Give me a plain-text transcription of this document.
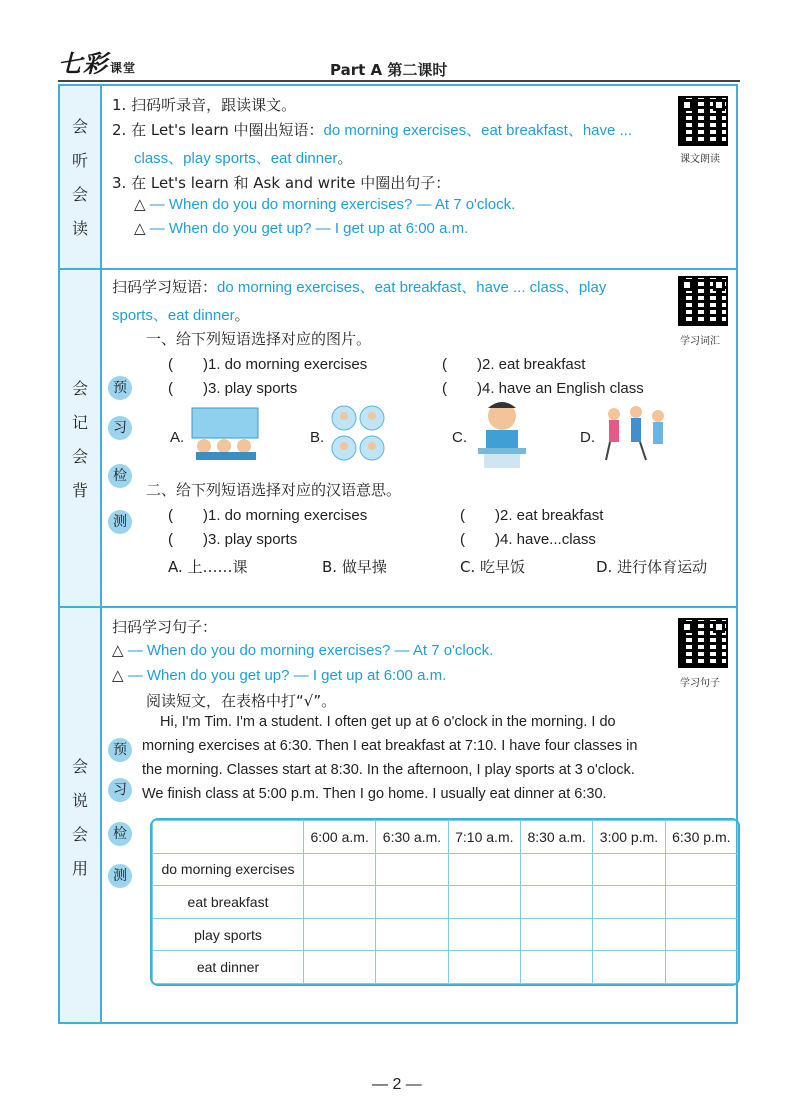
七彩 课堂	Part A 第二课时
会
听
会
读
1. 扫码听录音，跟读课文。
2. 在 Let's learn 中圈出短语：do morning exercises、eat breakfast、have ...
class、play sports、eat dinner。
3. 在 Let's learn 和 Ask and write 中圈出句子：
△ — When do you do morning exercises? — At 7 o'clock.
△ — When do you get up? — I get up at 6:00 a.m.
课文朗读
会
记
会
背
预
习
检
测
扫码学习短语：do morning exercises、eat breakfast、have ... class、play
sports、eat dinner。
学习词汇
一、给下列短语选择对应的图片。
(　　)1. do morning exercises	(　　)2. eat breakfast
(　　)3. play sports	(　　)4. have an English class
A.	B.	C.	D.
二、给下列短语选择对应的汉语意思。
(　　)1. do morning exercises	(　　)2. eat breakfast
(　　)3. play sports	(　　)4. have...class
A. 上……课	B. 做早操	C. 吃早饭	D. 进行体育运动
会
说
会
用
预
习
检
测
扫码学习句子：
△ — When do you do morning exercises? — At 7 o'clock.
△ — When do you get up? — I get up at 6:00 a.m.	学习句子
阅读短文，在表格中打“√”。
Hi, I'm Tim. I'm a student. I often get up at 6 o'clock in the morning. I do
morning exercises at 6:30. Then I eat breakfast at 7:10. I have four classes in
the morning. Classes start at 8:30. In the afternoon, I play sports at 3 o'clock.
We finish class at 5:00 p.m. Then I go home. I usually eat dinner at 6:30.
	6:00 a.m.	6:30 a.m.	7:10 a.m.	8:30 a.m.	3:00 p.m.	6:30 p.m.
do morning exercises						
eat breakfast						
play sports						
eat dinner						
— 2 —
